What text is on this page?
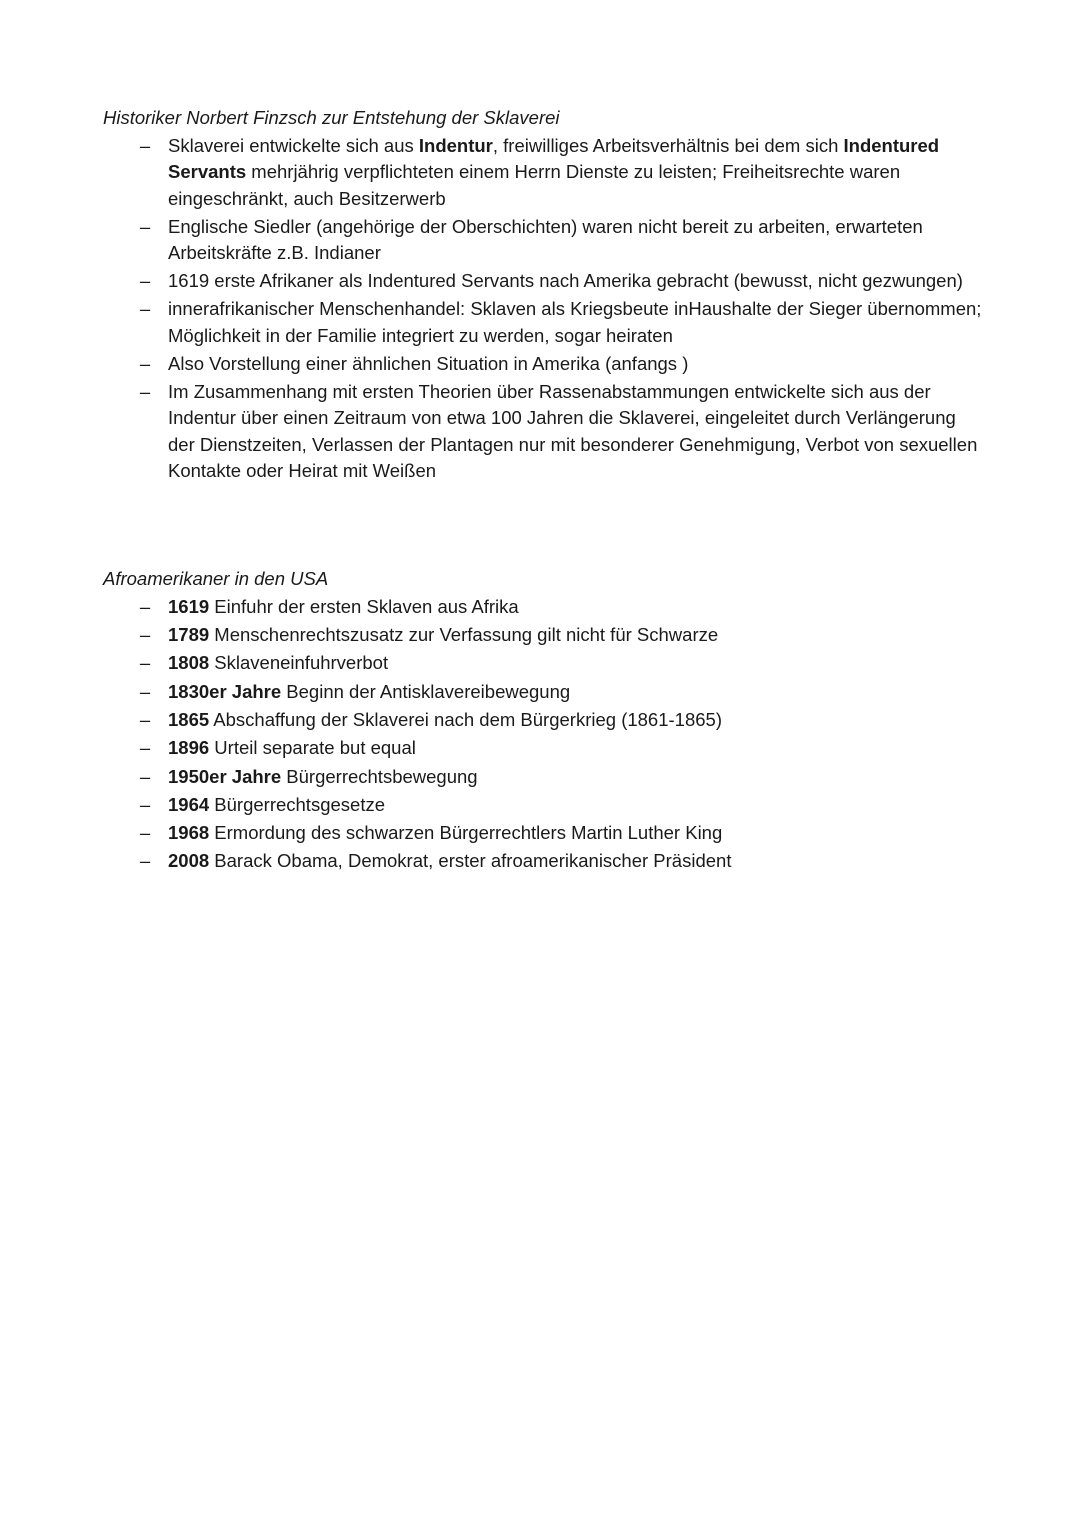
Historiker Norbert Finzsch zur Entstehung der Sklaverei

– Sklaverei entwickelte sich aus Indentur, freiwilliges Arbeitsverhältnis bei dem sich Indentured Servants mehrjährig verpflichteten einem Herrn Dienste zu leisten; Freiheitsrechte waren eingeschränkt, auch Besitzerwerb
– Englische Siedler (angehörige der Oberschichten) waren nicht bereit zu arbeiten, erwarteten Arbeitskräfte z.B. Indianer
– 1619 erste Afrikaner als Indentured Servants nach Amerika gebracht (bewusst, nicht gezwungen)
– innerafrikanischer Menschenhandel: Sklaven als Kriegsbeute inHaushalte der Sieger übernommen; Möglichkeit in der Familie integriert zu werden, sogar heiraten
– Also Vorstellung einer ähnlichen Situation in Amerika (anfangs )
– Im Zusammenhang mit ersten Theorien über Rassenabstammungen entwickelte sich aus der Indentur über einen Zeitraum von etwa 100 Jahren die Sklaverei, eingeleitet durch Verlängerung der Dienstzeiten, Verlassen der Plantagen nur mit besonderer Genehmigung, Verbot von sexuellen Kontakte oder Heirat mit Weißen

Afroamerikaner in den USA

– 1619 Einfuhr der ersten Sklaven aus Afrika
– 1789 Menschenrechtszusatz zur Verfassung gilt nicht für Schwarze
– 1808 Sklaveneinfuhrverbot
– 1830er Jahre Beginn der Antisklavereibewegung
– 1865 Abschaffung der Sklaverei nach dem Bürgerkrieg (1861-1865)
– 1896 Urteil separate but equal
– 1950er Jahre Bürgerrechtsbewegung
– 1964 Bürgerrechtsgesetze
– 1968 Ermordung des schwarzen Bürgerrechtlers Martin Luther King
– 2008 Barack Obama, Demokrat, erster afroamerikanischer Präsident
